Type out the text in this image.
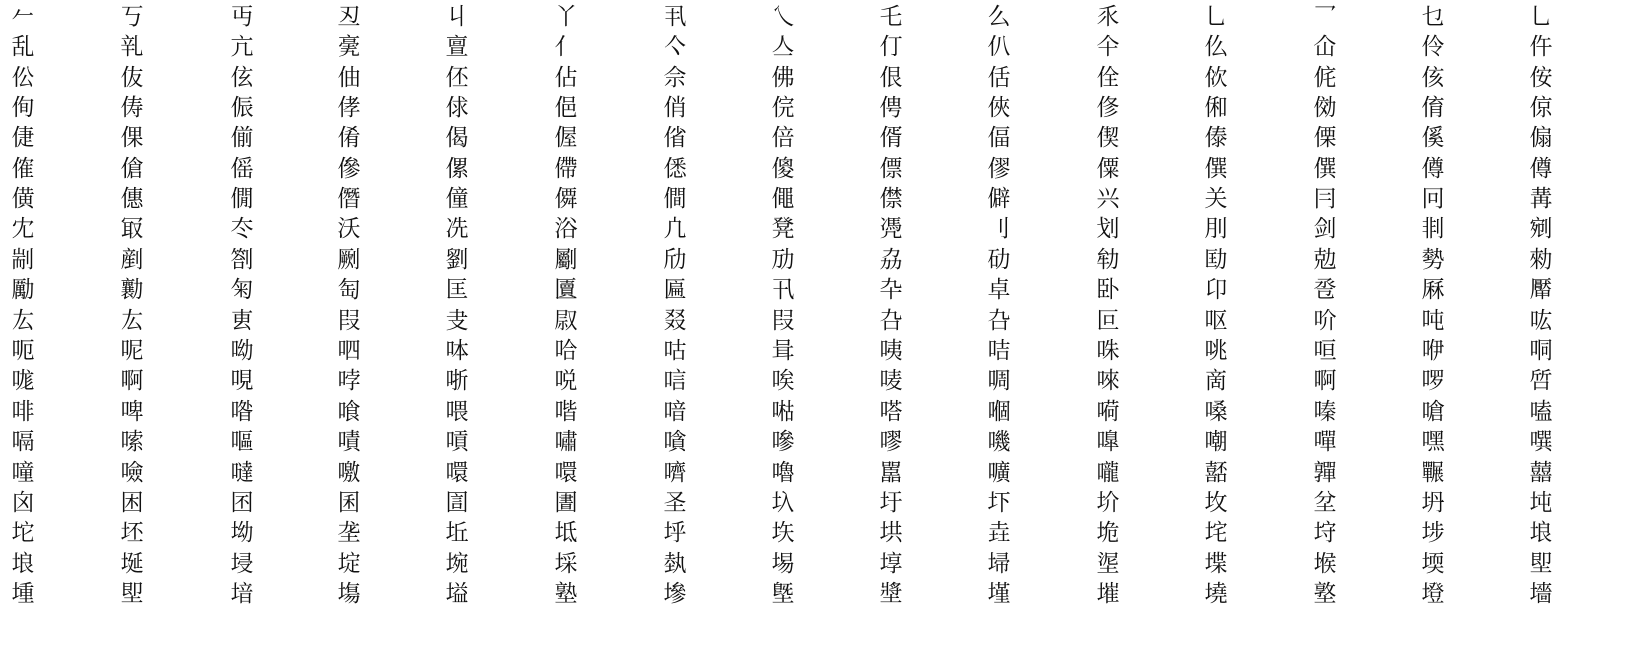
𠂉	丂	丏	丒	丩	丫	丮	乀	乇	么	乑	乚	乛	乜	乚
乱	乵	亢	亴	亶	亻	亽	亼	仃	仈	仐	仫	仚	伶	仵
伀	伖	伭	伷	伾	佔	佘	佛	佷	佸	佺	佽	侂	侅	侒
侚	俦	侲	侾	俅	俋	俏	俒	俜	俠	俢	俰	俲	俼	倞
倢	倮	偂	倄	偈	偓	偗	倍	偦	偪	偰	傣	傈	傒	傓
傕	傖	傜	傪	傫	僀	僁	傻	僄	僇	僳	僎	僎	僔	僔
僙	僡	僩	僭	僮	僲	僴	僶	僸	僻	兴	关	冃	冋	冓
冘	冣	冭	沃	冼	浴	凣	凳	凴	刂	划	刖	剑	剕	剜
剬	剷	劄	劂	劉	劚	劤	劢	劦	劯	劺	劻	勊	勢	勑
勵	勷	匊	匋	匡	匵	匾	卂	卆	卓	卧	卬	卺	厤	厴
厷	厷	叀	叚	叏	叞	叕	叚	叴	叴	叵	呕	吤	吨	吰
呃	呢	呦	呬	呠	哈	咕	咠	咦	咭	咮	咷	咺	咿	哃
哤	啊	哯	哱	哳	哾	唁	唉	唛	啁	唻	啇	啊	啰	啠
啡	啤	喒	喰	喂	喈	喑	喖	嗒	嗰	嗬	嗓	嗪	嗆	嗑
嗝	嗦	嘔	嘖	嗊	嘯	嗿	嘇	嘐	嘰	嘷	嘲	嘽	嘿	噀
噇	噞	噠	噭	噮	噮	嚌	嚕	嚚	嚝	嚨	嚭	嚲	囅	囍
囟	困	囨	囷	圁	圕	圣	圦	圩	圷	圿	坆	坌	坍	坉
坨	坯	坳	垄	坵	坻	垀	垁	垬	垚	垝	垞	垨	埗	埌
埌	埏	埐	埞	埦	埰	埶	埸	埻	埽	埿	堞	堠	堧	堲
堹	堲	堷	塲	塧	塾	墋	墍	墏	墐	墔	墝	墪	墱	墻
